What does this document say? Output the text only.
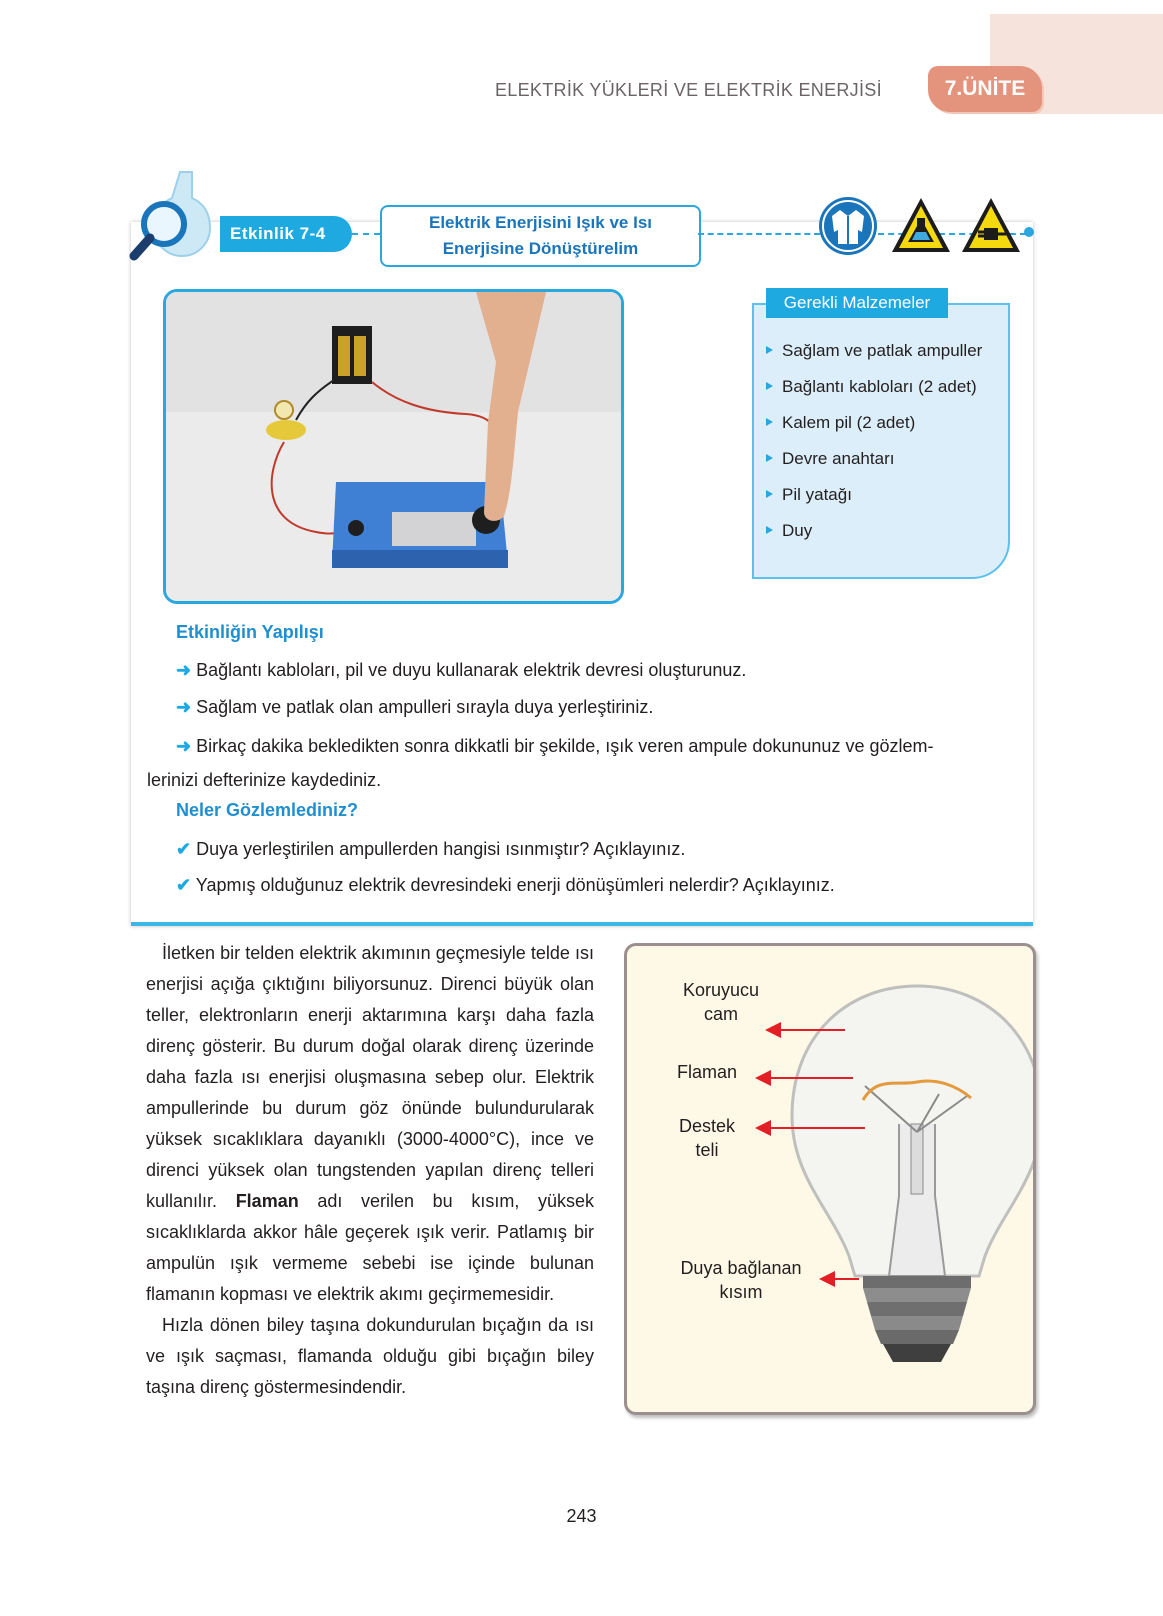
ELEKTRİK YÜKLERİ VE ELEKTRİK ENERJİSİ	7.ÜNİTE
Etkinlik 7-4
Elektrik Enerjisini Işık ve Isı
Enerjisine Dönüştürelim
Gerekli Malzemeler
Sağlam ve patlak ampuller
Bağlantı kabloları (2 adet)
Kalem pil (2 adet)
Devre anahtarı
Pil yatağı
Duy
Etkinliğin Yapılışı
➜ Bağlantı kabloları, pil ve duyu kullanarak elektrik devresi oluşturunuz.
➜ Sağlam ve patlak olan ampulleri sırayla duya yerleştiriniz.
➜ Birkaç dakika bekledikten sonra dikkatli bir şekilde, ışık veren ampule dokununuz ve gözlem-
lerinizi defterinize kaydediniz.
Neler Gözlemlediniz?
✔ Duya yerleştirilen ampullerden hangisi ısınmıştır? Açıklayınız.
✔ Yapmış olduğunuz elektrik devresindeki enerji dönüşümleri nelerdir? Açıklayınız.

İletken bir telden elektrik akımının geçmesiyle telde ısı enerjisi açığa çıktığını biliyorsunuz. Direnci büyük olan teller, elektronların enerji aktarımına karşı daha fazla direnç gösterir. Bu durum doğal olarak direnç üzerinde daha fazla ısı enerjisi oluşmasına sebep olur. Elektrik ampullerinde bu durum göz önünde bulundurularak yüksek sıcaklıklara dayanıklı (3000-4000°C), ince ve direnci yüksek olan tungstenden yapılan direnç telleri kullanılır. Flaman adı verilen bu kısım, yüksek sıcaklıklarda akkor hâle geçerek ışık verir. Patlamış bir ampulün ışık vermeme sebebi ise içinde bulunan flamanın kopması ve elektrik akımı geçirmemesidir.

Hızla dönen biley taşına dokundurulan bıçağın da ısı ve ışık saçması, flamanda olduğu gibi bıçağın biley taşına direnç göstermesindendir.

Koruyucu
cam
Flaman
Destek
teli
Duya bağlanan
kısım
243
